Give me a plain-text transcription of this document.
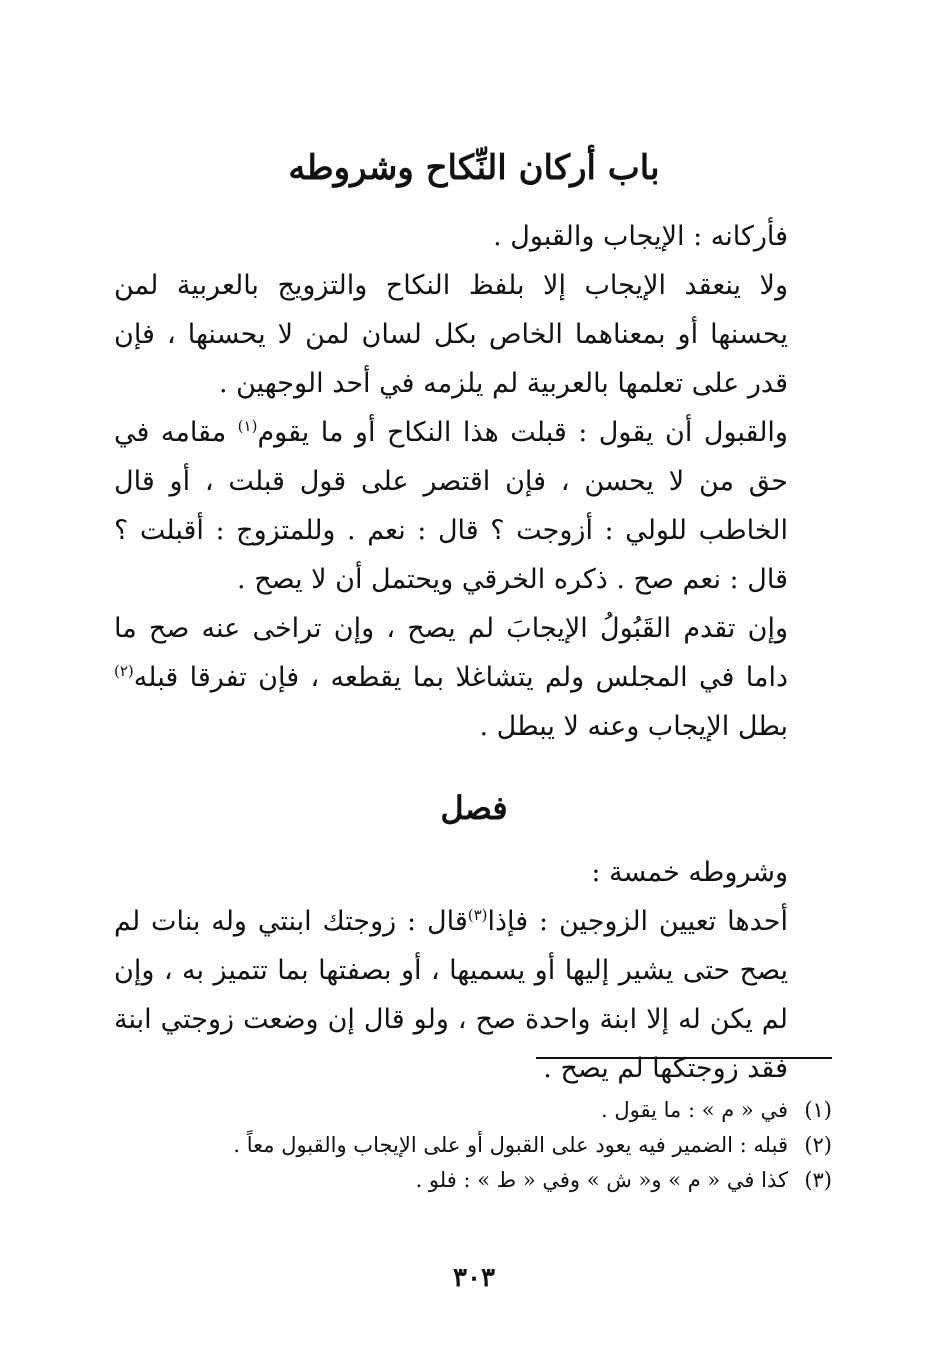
باب أركان النِّكاح وشروطه

فأركانه : الإيجاب والقبول .

ولا ينعقد الإيجاب إلا بلفظ النكاح والتزويج بالعربية لمن يحسنها أو بمعناهما الخاص بكل لسان لمن لا يحسنها ، فإن قدر على تعلمها بالعربية لم يلزمه في أحد الوجهين .

والقبول أن يقول : قبلت هذا النكاح أو ما يقوم$^{(١)}$ مقامه في حق من لا يحسن ، فإن اقتصر على قول قبلت ، أو قال الخاطب للولي : أزوجت ؟ قال : نعم . وللمتزوج : أقبلت ؟ قال : نعم صح . ذكره الخرقي ويحتمل أن لا يصح .

وإن تقدم القَبُولُ الإيجابَ لم يصح ، وإن تراخى عنه صح ما داما في المجلس ولم يتشاغلا بما يقطعه ، فإن تفرقا قبله$^{(٢)}$ بطل الإيجاب وعنه لا يبطل .

فصل

وشروطه خمسة :

أحدها تعيين الزوجين : فإذا$^{(٣)}$قال : زوجتك ابنتي وله بنات لم يصح حتى يشير إليها أو يسميها ، أو بصفتها بما تتميز به ، وإن لم يكن له إلا ابنة واحدة صح ، ولو قال إن وضعت زوجتي ابنة فقد زوجتكها لم يصح .

(١)
في « م » : ما يقول .
(٢)
قبله : الضمير فيه يعود على القبول أو على الإيجاب والقبول معاً .
(٣)
كذا في « م » و« ش » وفي « ط » : فلو .
٣٠٣
